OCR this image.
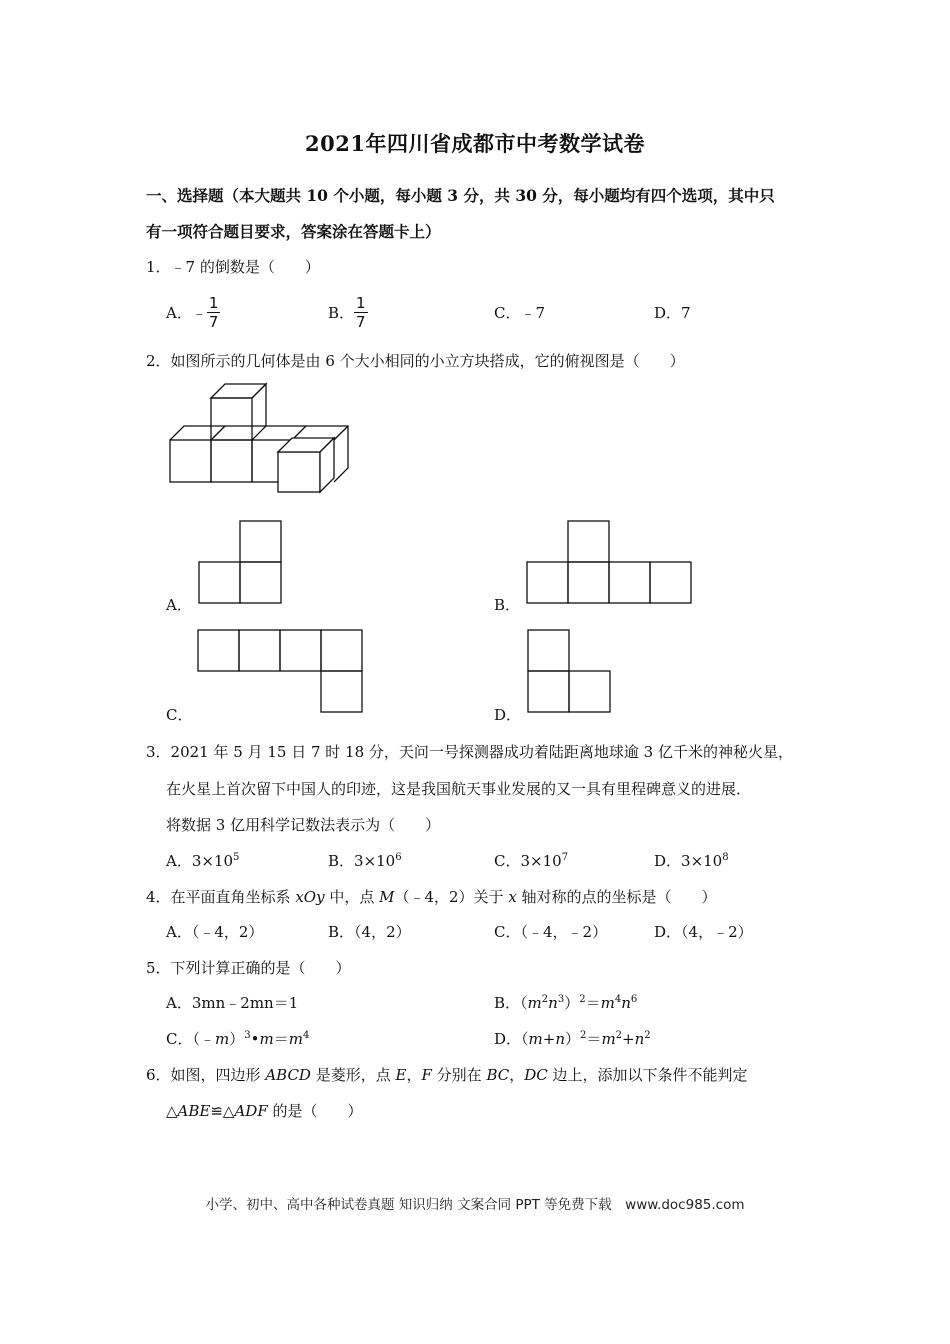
2021年四川省成都市中考数学试卷
一、选择题（本大题共 10 个小题，每小题 3 分，共 30 分，每小题均有四个选项，其中只
有一项符合题目要求，答案涂在答题卡上）
1．﹣7 的倒数是（　　）
A．﹣ $\frac{1}{7}$	B． $\frac{1}{7}$	C．﹣7	D．7
2．如图所示的几何体是由 6 个大小相同的小立方块搭成，它的俯视图是（　　）
A．	B．
C．	D．
3．2021 年 5 月 15 日 7 时 18 分，天问一号探测器成功着陆距离地球逾 3 亿千米的神秘火星，
在火星上首次留下中国人的印迹，这是我国航天事业发展的又一具有里程碑意义的进展．
将数据 3 亿用科学记数法表示为（　　）
A．$3\times 10^5$	B．$3\times 10^6$	C．$3\times 10^7$	D．$3\times 10^8$
4．在平面直角坐标系 xOy 中，点 M（﹣4，2）关于 x 轴对称的点的坐标是（　　）
A．（﹣4，2）	B．（4，2）	C．（﹣4，﹣2）	D．（4，﹣2）
5．下列计算正确的是（　　）
A．3mn﹣2mn＝1	B．$(m^2n^3)^2=m^4n^6$
C．$(﹣m)^3•m=m^4$	D．$(m+n)^2=m^2+n^2$
6．如图，四边形 ABCD 是菱形，点 E，F 分别在 BC，DC 边上，添加以下条件不能判定
△ABE≌△ADF 的是（　　）
小学、初中、高中各种试卷真题 知识归纳 文案合同 PPT 等免费下载　www.doc985.com
